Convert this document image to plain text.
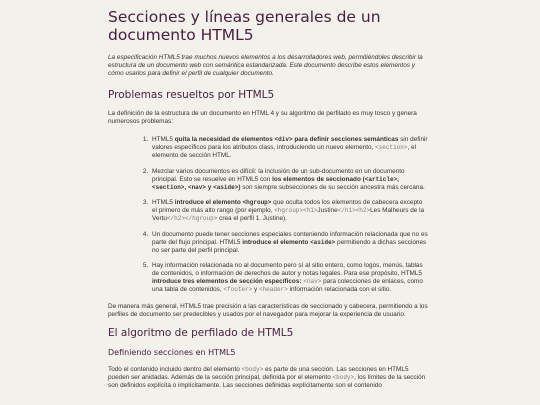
Secciones y líneas generales de un documento HTML5

La especificación HTML5 trae muchos nuevos elementos a los desarrolladores web, permitiéndoles describir la estructura de un documento web con semántica estandarizada. Este documento describe estos elementos y cómo usarlos para definir el perfil de cualquier documento.

Problemas resueltos por HTML5

La definición de la estructura de un documento en HTML 4 y su algoritmo de perfilado es muy tosco y genera numerosos problemas:

1. HTML5 quita la necesidad de elementos <div> para definir secciones semánticas sin definir valores específicos para los atributos class, introduciendo un nuevo elemento, <section>, el elemento de sección HTML.
2. Mezclar varios documentos es difícil: la inclusión de un sub-documento en un documento principal. Esto se resuelve en HTML5 con los elementos de seccionado (<article>, <section>, <nav> y <aside>) son siempre subsecciones de su sección ancestra más cercana.
3. HTML5 introduce el elemento <hgroup> que oculta todos los elementos de cabecera excepto el primero de más alto rango (por ejemplo, <hgroup><h1>Justine</h1><h2>Les Malheurs de la Vertu</h2></hgroup> crea el perfil 1. Justine).
4. Un documento puede tener secciones especiales conteniendo información relacionada que no es parte del flujo principal. HTML5 introduce el elemento <aside> permitiendo a dichas secciones no ser parte del perfil principal.
5. Hay información relacionada no al documento pero sí al sitio entero, como logos, menús, tablas de contenidos, o información de derechos de autor y notas legales. Para ese propósito, HTML5 introduce tres elementos de sección específicos: <nav> para colecciones de enlaces, como una tabla de contenidos, <footer> y <header> información relacionada con el sitio.

De manera más general, HTML5 trae precisión a las características de seccionado y cabecera, permitiendo a los perfiles de documento ser predecibles y usados por el navegador para mejorar la experiencia de usuario.

El algoritmo de perfilado de HTML5
Definiendo secciones en HTML5

Todo el contenido incluido dentro del elemento <body> es parte de una sección. Las secciones en HTML5 pueden ser anidadas. Además de la sección principal, definida por el elemento <body>, los límites de la sección son definidos explícita o implícitamente. Las secciones definidas explícitamente son el contenido
